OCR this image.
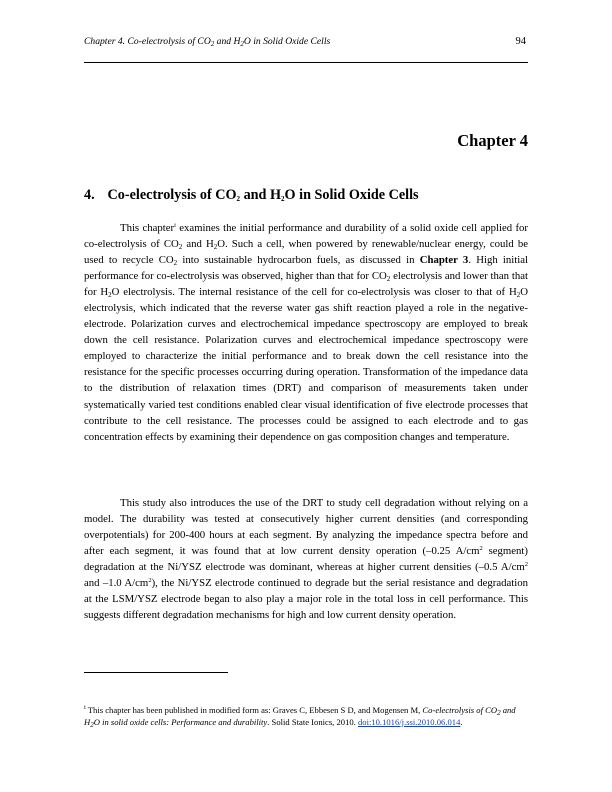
Chapter 4. Co-electrolysis of $CO_2$ and $H_2O$ in Solid Oxide Cells	94
Chapter 4
4. Co-electrolysis of $CO_2$ and $H_2O$ in Solid Oxide Cells

This chapter$^i$ examines the initial performance and durability of a solid oxide cell applied for co-electrolysis of $CO_2$ and $H_2O$. Such a cell, when powered by renewable/nuclear energy, could be used to recycle $CO_2$ into sustainable hydrocarbon fuels, as discussed in Chapter 3. High initial performance for co-electrolysis was observed, higher than that for $CO_2$ electrolysis and lower than that for $H_2O$ electrolysis. The internal resistance of the cell for co-electrolysis was closer to that of $H_2O$ electrolysis, which indicated that the reverse water gas shift reaction played a role in the negative-electrode. Polarization curves and electrochemical impedance spectroscopy are employed to break down the cell resistance. Polarization curves and electrochemical impedance spectroscopy were employed to characterize the initial performance and to break down the cell resistance into the resistance for the specific processes occurring during operation. Transformation of the impedance data to the distribution of relaxation times (DRT) and comparison of measurements taken under systematically varied test conditions enabled clear visual identification of five electrode processes that contribute to the cell resistance. The processes could be assigned to each electrode and to gas concentration effects by examining their dependence on gas composition changes and temperature.

This study also introduces the use of the DRT to study cell degradation without relying on a model. The durability was tested at consecutively higher current densities (and corresponding overpotentials) for 200-400 hours at each segment. By analyzing the impedance spectra before and after each segment, it was found that at low current density operation (–0.25 $A/cm^2$ segment) degradation at the Ni/YSZ electrode was dominant, whereas at higher current densities (–0.5 $A/cm^2$ and –1.0 $A/cm^2$), the Ni/YSZ electrode continued to degrade but the serial resistance and degradation at the LSM/YSZ electrode began to also play a major role in the total loss in cell performance. This suggests different degradation mechanisms for high and low current density operation.

$^i$ This chapter has been published in modified form as: Graves C, Ebbesen S D, and Mogensen M, Co-electrolysis of $CO_2$ and $H_2O$ in solid oxide cells: Performance and durability. Solid State Ionics, 2010. doi:10.1016/j.ssi.2010.06.014.
